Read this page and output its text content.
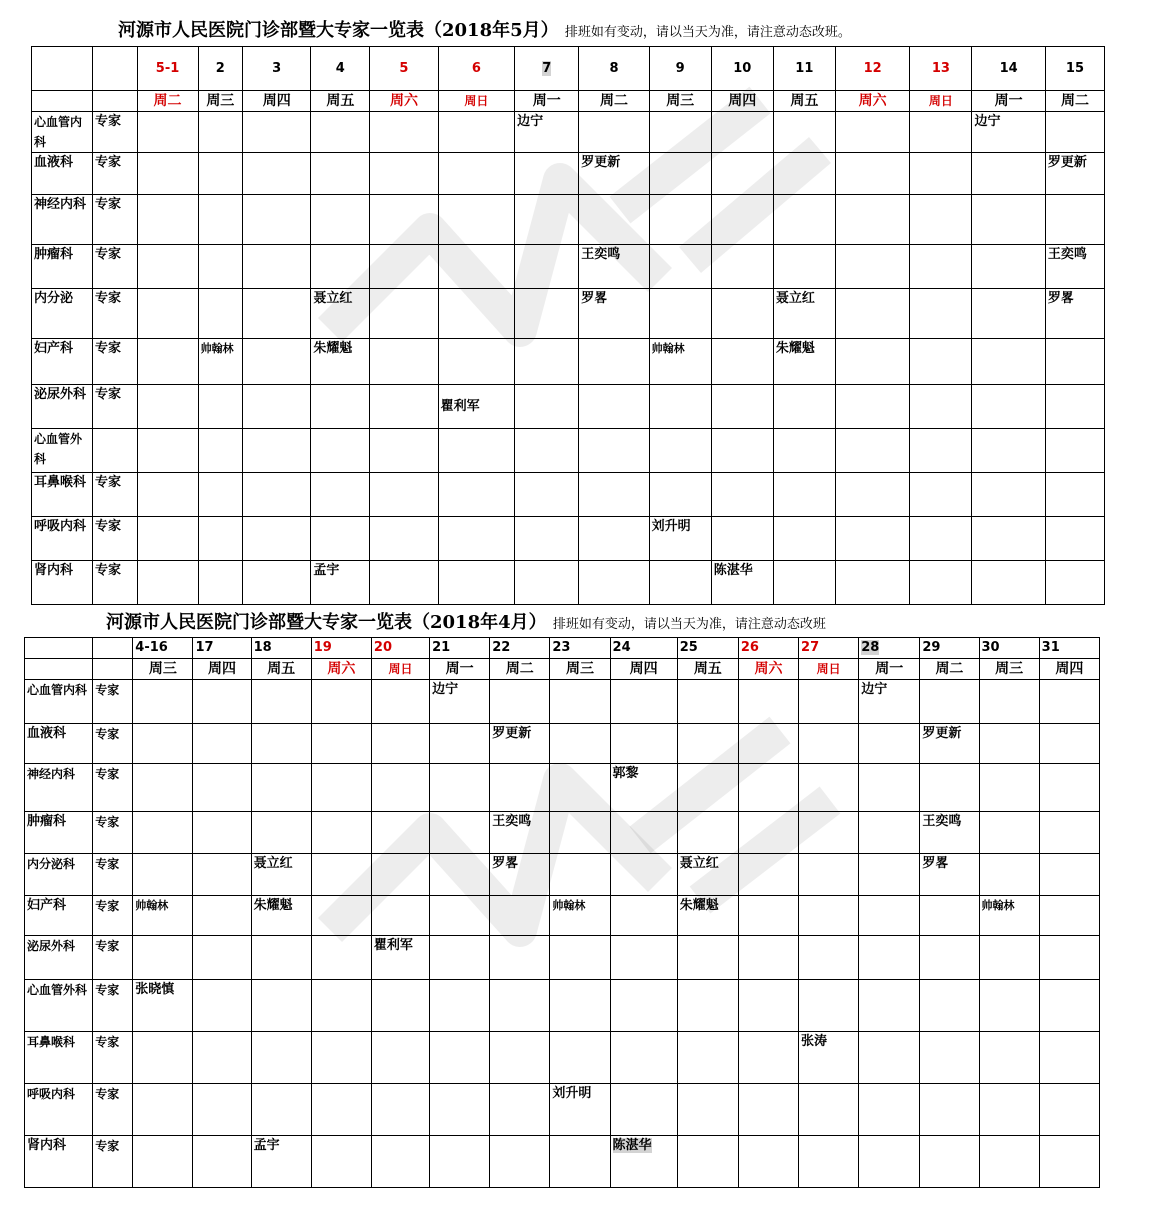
河源市人民医院门诊部暨大专家一览表（2018年5月） 排班如有变动，请以当天为准，请注意动态改班。
		5-1	2	3	4	5	6	7	8	9	10	11	12	13	14	15
		周二	周三	周四	周五	周六	周日	周一	周二	周三	周四	周五	周六	周日	周一	周二
心血管内科	专家							边宁							边宁	
血液科	专家								罗更新							罗更新
神经内科	专家															
肿瘤科	专家								王奕鸣							王奕鸣
内分泌	专家				聂立红				罗畧			聂立红				罗畧
妇产科	专家		帅翰林		朱耀魁					帅翰林		朱耀魁				
泌尿外科	专家						瞿利军									
心血管外科																
耳鼻喉科	专家															
呼吸内科	专家									刘升明						
肾内科	专家				孟宇						陈湛华					
河源市人民医院门诊部暨大专家一览表（2018年4月） 排班如有变动，请以当天为准，请注意动态改班
		4-16	17	18	19	20	21	22	23	24	25	26	27	28	29	30	31
		周三	周四	周五	周六	周日	周一	周二	周三	周四	周五	周六	周日	周一	周二	周三	周四
心血管内科	专家						边宁							边宁			
血液科	专家							罗更新							罗更新		
神经内科	专家									郭黎							
肿瘤科	专家							王奕鸣							王奕鸣		
内分泌科	专家			聂立红				罗畧			聂立红				罗畧		
妇产科	专家	帅翰林		朱耀魁					帅翰林		朱耀魁					帅翰林	
泌尿外科	专家					瞿利军											
心血管外科	专家	张晓慎															
耳鼻喉科	专家												张涛				
呼吸内科	专家								刘升明								
肾内科	专家			孟宇						陈湛华							
